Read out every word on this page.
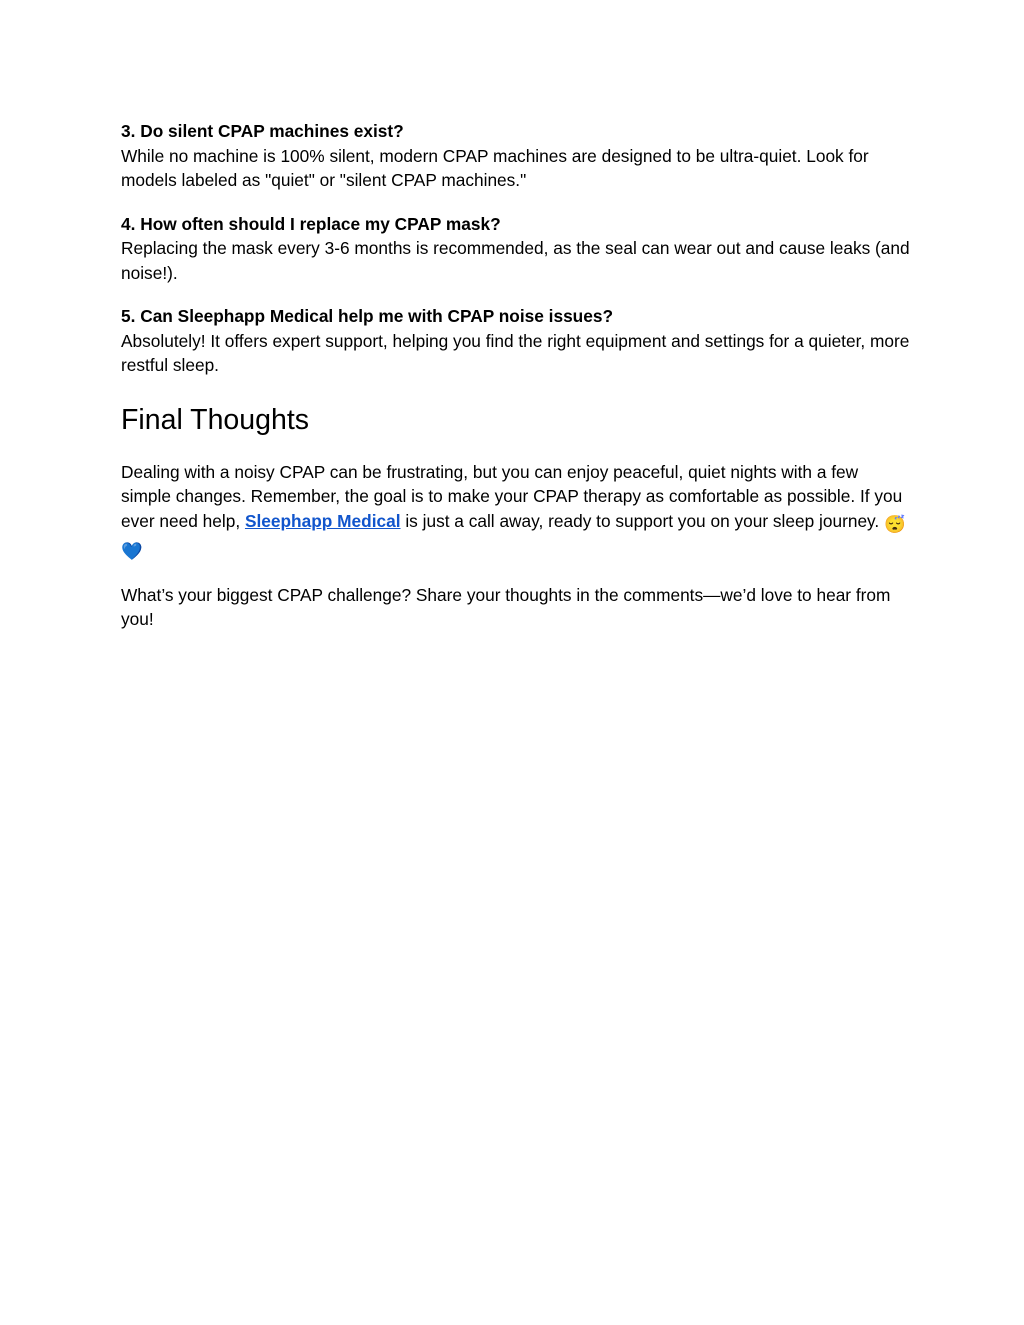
3. Do silent CPAP machines exist?
While no machine is 100% silent, modern CPAP machines are designed to be ultra-quiet. Look for models labeled as "quiet" or "silent CPAP machines."
4. How often should I replace my CPAP mask?
Replacing the mask every 3-6 months is recommended, as the seal can wear out and cause leaks (and noise!).
5. Can Sleephapp Medical help me with CPAP noise issues?
Absolutely! It offers expert support, helping you find the right equipment and settings for a quieter, more restful sleep.
Final Thoughts

Dealing with a noisy CPAP can be frustrating, but you can enjoy peaceful, quiet nights with a few simple changes. Remember, the goal is to make your CPAP therapy as comfortable as possible. If you ever need help, Sleephapp Medical is just a call away, ready to support you on your sleep journey. 😴💙

What’s your biggest CPAP challenge? Share your thoughts in the comments—we’d love to hear from you!
